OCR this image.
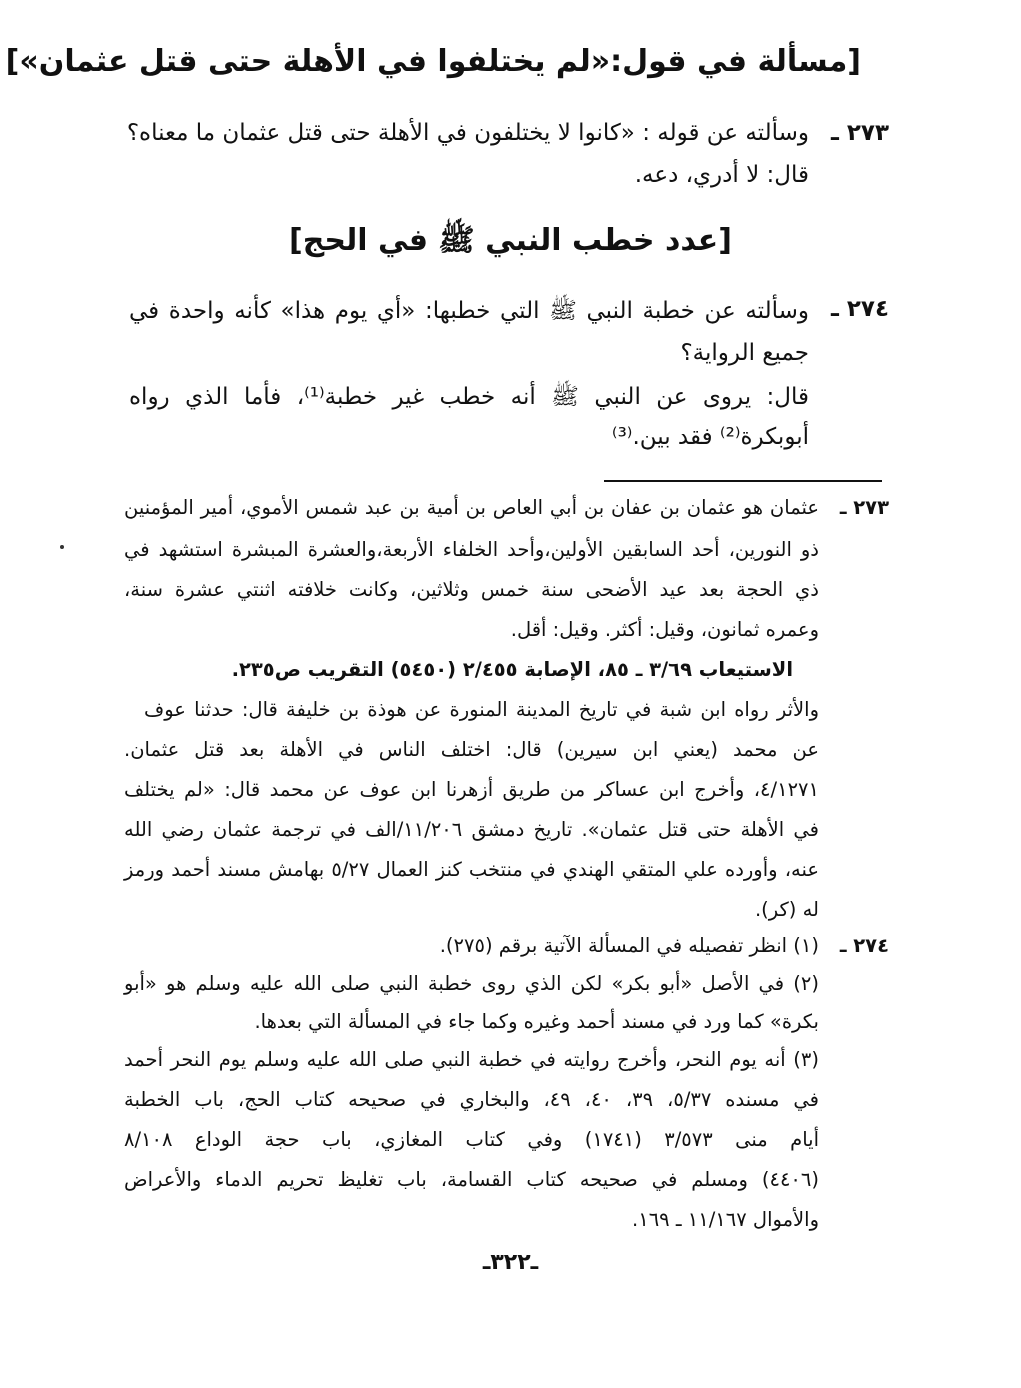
[مسألة في قول:«لم يختلفوا في الأهلة حتى قتل عثمان»]
٢٧٣ ـ
وسألته عن قوله : «كانوا لا يختلفون في الأهلة حتى قتل عثمان ما معناه؟
قال: لا أدري، دعه.
[عدد خطب النبي ﷺ في الحج]
٢٧٤ ـ
وسألته عن خطبة النبي ﷺ التي خطبها: «أي يوم هذا» كأنه واحدة في
جميع الرواية؟
قال: يروى عن النبي ﷺ أنه خطب غير خطبة⁽¹⁾، فأما الذي رواه
أبوبكرة⁽²⁾ فقد بين.⁽³⁾
٢٧٣ ـ
عثمان هو عثمان بن عفان بن أبي العاص بن أمية بن عبد شمس الأموي، أمير المؤمنين
ذو النورين، أحد السابقين الأولين،وأحد الخلفاء الأربعة،والعشرة المبشرة استشهد في
ذي الحجة بعد عيد الأضحى سنة خمس وثلاثين، وكانت خلافته اثنتي عشرة سنة،
وعمره ثمانون، وقيل: أكثر. وقيل: أقل.
الاستيعاب ٣/٦٩ ـ ٨٥، الإصابة ٢/٤٥٥ (٥٤٥٠) التقريب ص٢٣٥.
والأثر رواه ابن شبة في تاريخ المدينة المنورة عن هوذة بن خليفة قال: حدثنا عوف
عن محمد (يعني ابن سيرين) قال: اختلف الناس في الأهلة بعد قتل عثمان.
٤/١٢٧١، وأخرج ابن عساكر من طريق أزهرنا ابن عوف عن محمد قال: «لم يختلف
في الأهلة حتى قتل عثمان». تاريخ دمشق ١١/٢٠٦/الف في ترجمة عثمان رضي الله
عنه، وأورده علي المتقي الهندي في منتخب كنز العمال ٥/٢٧ بهامش مسند أحمد ورمز
له (كر).
٢٧٤ ـ
(١) انظر تفصيله في المسألة الآتية برقم (٢٧٥).
(٢) في الأصل «أبو بكر» لكن الذي روى خطبة النبي صلى الله عليه وسلم هو «أبو
بكرة» كما ورد في مسند أحمد وغيره وكما جاء في المسألة التي بعدها.
(٣) أنه يوم النحر، وأخرج روايته في خطبة النبي صلى الله عليه وسلم يوم النحر أحمد
في مسنده ٥/٣٧، ٣٩، ٤٠، ٤٩، والبخاري في صحيحه كتاب الحج، باب الخطبة
أيام منى ٣/٥٧٣ (١٧٤١) وفي كتاب المغازي، باب حجة الوداع ٨/١٠٨
(٤٤٠٦) ومسلم في صحيحه كتاب القسامة، باب تغليظ تحريم الدماء والأعراض
والأموال ١١/١٦٧ ـ ١٦٩.
ـ٣٢٢ـ
